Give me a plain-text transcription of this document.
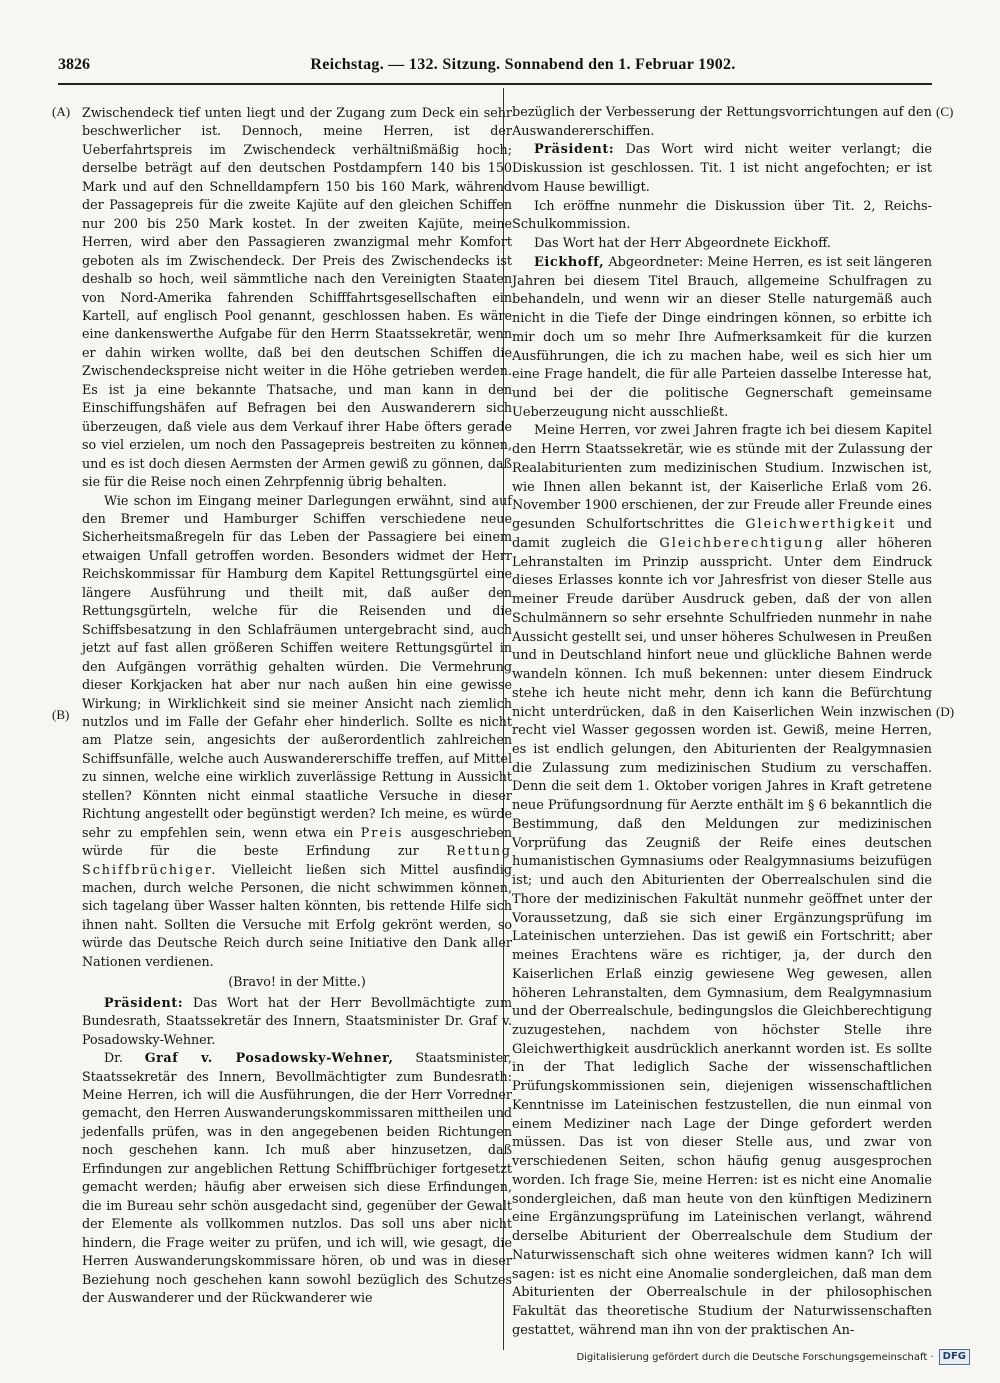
3826	Reichstag. — 132. Sitzung. Sonnabend den 1. Februar 1902.
(A)
(B)
(C)
(D)

Zwischendeck tief unten liegt und der Zugang zum Deck ein sehr beschwerlicher ist. Dennoch, meine Herren, ist der Ueberfahrtspreis im Zwischendeck verhältnißmäßig hoch; derselbe beträgt auf den deutschen Postdampfern 140 bis 150 Mark und auf den Schnelldampfern 150 bis 160 Mark, während der Passagepreis für die zweite Kajüte auf den gleichen Schiffen nur 200 bis 250 Mark kostet. In der zweiten Kajüte, meine Herren, wird aber den Passagieren zwanzigmal mehr Komfort geboten als im Zwischendeck. Der Preis des Zwischendecks ist deshalb so hoch, weil sämmtliche nach den Vereinigten Staaten von Nord-Amerika fahrenden Schifffahrtsgesellschaften ein Kartell, auf englisch Pool genannt, geschlossen haben. Es wäre eine dankenswerthe Aufgabe für den Herrn Staatssekretär, wenn er dahin wirken wollte, daß bei den deutschen Schiffen die Zwischendeckspreise nicht weiter in die Höhe getrieben werden. Es ist ja eine bekannte Thatsache, und man kann in den Einschiffungshäfen auf Befragen bei den Auswanderern sich überzeugen, daß viele aus dem Verkauf ihrer Habe öfters gerade so viel erzielen, um noch den Passagepreis bestreiten zu können, und es ist doch diesen Aermsten der Armen gewiß zu gönnen, daß sie für die Reise noch einen Zehrpfennig übrig behalten.

Wie schon im Eingang meiner Darlegungen erwähnt, sind auf den Bremer und Hamburger Schiffen verschiedene neue Sicherheitsmaßregeln für das Leben der Passagiere bei einem etwaigen Unfall getroffen worden. Besonders widmet der Herr Reichskommissar für Hamburg dem Kapitel Rettungsgürtel eine längere Ausführung und theilt mit, daß außer den Rettungsgürteln, welche für die Reisenden und die Schiffsbesatzung in den Schlafräumen untergebracht sind, auch jetzt auf fast allen größeren Schiffen weitere Rettungsgürtel in den Aufgängen vorräthig gehalten würden. Die Vermehrung dieser Korkjacken hat aber nur nach außen hin eine gewisse Wirkung; in Wirklichkeit sind sie meiner Ansicht nach ziemlich nutzlos und im Falle der Gefahr eher hinderlich. Sollte es nicht am Platze sein, angesichts der außerordentlich zahlreichen Schiffsunfälle, welche auch Auswandererschiffe treffen, auf Mittel zu sinnen, welche eine wirklich zuverlässige Rettung in Aussicht stellen? Könnten nicht einmal staatliche Versuche in dieser Richtung angestellt oder begünstigt werden? Ich meine, es würde sehr zu empfehlen sein, wenn etwa ein Preis ausgeschrieben würde für die beste Erfindung zur Rettung Schiffbrüchiger. Vielleicht ließen sich Mittel ausfindig machen, durch welche Personen, die nicht schwimmen können, sich tagelang über Wasser halten könnten, bis rettende Hilfe sich ihnen naht. Sollten die Versuche mit Erfolg gekrönt werden, so würde das Deutsche Reich durch seine Initiative den Dank aller Nationen verdienen.

(Bravo! in der Mitte.)

Präsident: Das Wort hat der Herr Bevollmächtigte zum Bundesrath, Staatssekretär des Innern, Staatsminister Dr. Graf v. Posadowsky-Wehner.

Dr. Graf v. Posadowsky-Wehner, Staatsminister, Staatssekretär des Innern, Bevollmächtigter zum Bundesrath: Meine Herren, ich will die Ausführungen, die der Herr Vorredner gemacht, den Herren Auswanderungskommissaren mittheilen und jedenfalls prüfen, was in den angegebenen beiden Richtungen noch geschehen kann. Ich muß aber hinzusetzen, daß Erfindungen zur angeblichen Rettung Schiffbrüchiger fortgesetzt gemacht werden; häufig aber erweisen sich diese Erfindungen, die im Bureau sehr schön ausgedacht sind, gegenüber der Gewalt der Elemente als vollkommen nutzlos. Das soll uns aber nicht hindern, die Frage weiter zu prüfen, und ich will, wie gesagt, die Herren Auswanderungskommissare hören, ob und was in dieser Beziehung noch geschehen kann sowohl bezüglich des Schutzes der Auswanderer und der Rückwanderer wie

bezüglich der Verbesserung der Rettungsvorrichtungen auf den Auswandererschiffen.

Präsident: Das Wort wird nicht weiter verlangt; die Diskussion ist geschlossen. Tit. 1 ist nicht angefochten; er ist vom Hause bewilligt.

Ich eröffne nunmehr die Diskussion über Tit. 2, Reichs-Schulkommission.

Das Wort hat der Herr Abgeordnete Eickhoff.

Eickhoff, Abgeordneter: Meine Herren, es ist seit längeren Jahren bei diesem Titel Brauch, allgemeine Schulfragen zu behandeln, und wenn wir an dieser Stelle naturgemäß auch nicht in die Tiefe der Dinge eindringen können, so erbitte ich mir doch um so mehr Ihre Aufmerksamkeit für die kurzen Ausführungen, die ich zu machen habe, weil es sich hier um eine Frage handelt, die für alle Parteien dasselbe Interesse hat, und bei der die politische Gegnerschaft gemeinsame Ueberzeugung nicht ausschließt.

Meine Herren, vor zwei Jahren fragte ich bei diesem Kapitel den Herrn Staatssekretär, wie es stünde mit der Zulassung der Realabiturienten zum medizinischen Studium. Inzwischen ist, wie Ihnen allen bekannt ist, der Kaiserliche Erlaß vom 26. November 1900 erschienen, der zur Freude aller Freunde eines gesunden Schulfortschrittes die Gleichwerthigkeit und damit zugleich die Gleichberechtigung aller höheren Lehranstalten im Prinzip ausspricht. Unter dem Eindruck dieses Erlasses konnte ich vor Jahresfrist von dieser Stelle aus meiner Freude darüber Ausdruck geben, daß der von allen Schulmännern so sehr ersehnte Schulfrieden nunmehr in nahe Aussicht gestellt sei, und unser höheres Schulwesen in Preußen und in Deutschland hinfort neue und glückliche Bahnen werde wandeln können. Ich muß bekennen: unter diesem Eindruck stehe ich heute nicht mehr, denn ich kann die Befürchtung nicht unterdrücken, daß in den Kaiserlichen Wein inzwischen recht viel Wasser gegossen worden ist. Gewiß, meine Herren, es ist endlich gelungen, den Abiturienten der Realgymnasien die Zulassung zum medizinischen Studium zu verschaffen. Denn die seit dem 1. Oktober vorigen Jahres in Kraft getretene neue Prüfungsordnung für Aerzte enthält im § 6 bekanntlich die Bestimmung, daß den Meldungen zur medizinischen Vorprüfung das Zeugniß der Reife eines deutschen humanistischen Gymnasiums oder Realgymnasiums beizufügen ist; und auch den Abiturienten der Oberrealschulen sind die Thore der medizinischen Fakultät nunmehr geöffnet unter der Voraussetzung, daß sie sich einer Ergänzungsprüfung im Lateinischen unterziehen. Das ist gewiß ein Fortschritt; aber meines Erachtens wäre es richtiger, ja, der durch den Kaiserlichen Erlaß einzig gewiesene Weg gewesen, allen höheren Lehranstalten, dem Gymnasium, dem Realgymnasium und der Oberrealschule, bedingungslos die Gleichberechtigung zuzugestehen, nachdem von höchster Stelle ihre Gleichwerthigkeit ausdrücklich anerkannt worden ist. Es sollte in der That lediglich Sache der wissenschaftlichen Prüfungskommissionen sein, diejenigen wissenschaftlichen Kenntnisse im Lateinischen festzustellen, die nun einmal von einem Mediziner nach Lage der Dinge gefordert werden müssen. Das ist von dieser Stelle aus, und zwar von verschiedenen Seiten, schon häufig genug ausgesprochen worden. Ich frage Sie, meine Herren: ist es nicht eine Anomalie sondergleichen, daß man heute von den künftigen Medizinern eine Ergänzungsprüfung im Lateinischen verlangt, während derselbe Abiturient der Oberrealschule dem Studium der Naturwissenschaft sich ohne weiteres widmen kann? Ich will sagen: ist es nicht eine Anomalie sondergleichen, daß man dem Abiturienten der Oberrealschule in der philosophischen Fakultät das theoretische Studium der Naturwissenschaften gestattet, während man ihn von der praktischen An-

Digitalisierung gefördert durch die Deutsche Forschungsgemeinschaft · DFG
